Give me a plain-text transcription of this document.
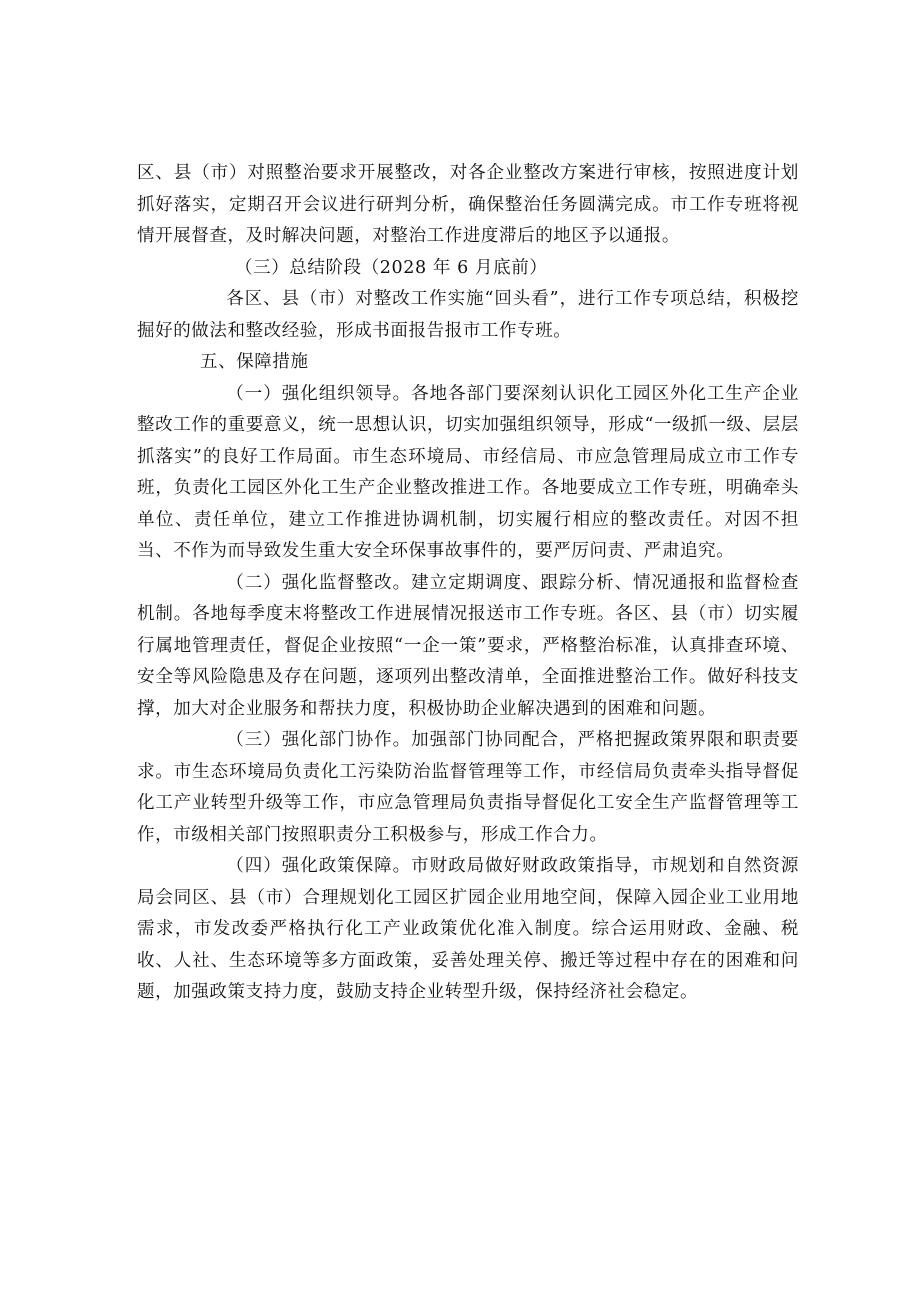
区、县（市）对照整治要求开展整改，对各企业整改方案进行审核，按照进度计划抓好落实，定期召开会议进行研判分析，确保整治任务圆满完成。市工作专班将视情开展督查，及时解决问题，对整治工作进度滞后的地区予以通报。

（三）总结阶段（2028 年 6 月底前）

各区、县（市）对整改工作实施“回头看”，进行工作专项总结，积极挖掘好的做法和整改经验，形成书面报告报市工作专班。

五、保障措施

（一）强化组织领导。各地各部门要深刻认识化工园区外化工生产企业整改工作的重要意义，统一思想认识，切实加强组织领导，形成“一级抓一级、层层抓落实”的良好工作局面。市生态环境局、市经信局、市应急管理局成立市工作专班，负责化工园区外化工生产企业整改推进工作。各地要成立工作专班，明确牵头单位、责任单位，建立工作推进协调机制，切实履行相应的整改责任。对因不担当、不作为而导致发生重大安全环保事故事件的，要严厉问责、严肃追究。

（二）强化监督整改。建立定期调度、跟踪分析、情况通报和监督检查机制。各地每季度末将整改工作进展情况报送市工作专班。各区、县（市）切实履行属地管理责任，督促企业按照“一企一策”要求，严格整治标准，认真排查环境、安全等风险隐患及存在问题，逐项列出整改清单，全面推进整治工作。做好科技支撑，加大对企业服务和帮扶力度，积极协助企业解决遇到的困难和问题。

（三）强化部门协作。加强部门协同配合，严格把握政策界限和职责要求。市生态环境局负责化工污染防治监督管理等工作，市经信局负责牵头指导督促化工产业转型升级等工作，市应急管理局负责指导督促化工安全生产监督管理等工作，市级相关部门按照职责分工积极参与，形成工作合力。

（四）强化政策保障。市财政局做好财政政策指导，市规划和自然资源局会同区、县（市）合理规划化工园区扩园企业用地空间，保障入园企业工业用地需求，市发改委严格执行化工产业政策优化准入制度。综合运用财政、金融、税收、人社、生态环境等多方面政策，妥善处理关停、搬迁等过程中存在的困难和问题，加强政策支持力度，鼓励支持企业转型升级，保持经济社会稳定。
